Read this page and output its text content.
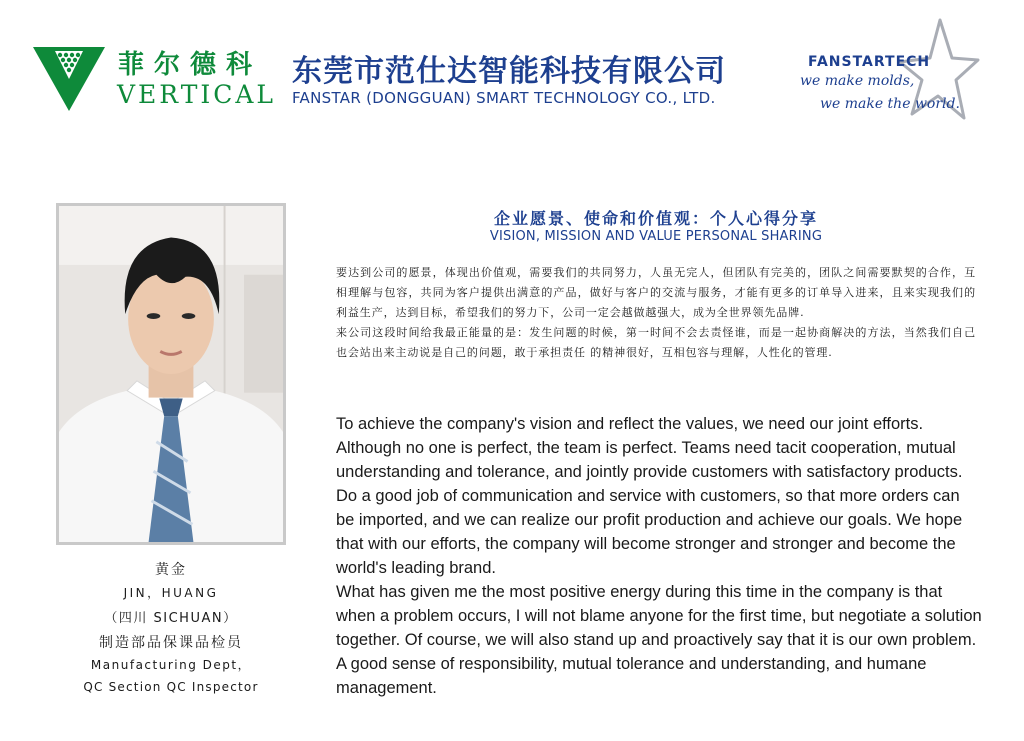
菲尔德科
VERTICAL
东莞市范仕达智能科技有限公司
FANSTAR (DONGGUAN) SMART TECHNOLOGY CO., LTD.
FANSTARTECH
we make molds,
we make the world.
黄金
JIN，HUANG
（四川 SICHUAN）
制造部品保课品检员
Manufacturing Dept，
QC Section QC Inspector
企业愿景、使命和价值观：个人心得分享
VISION, MISSION AND VALUE PERSONAL SHARING

要达到公司的愿景，体现出价值观，需要我们的共同努力，人虽无完人，但团队有完美的，团队之间需要默契的合作，互相理解与包容，共同为客户提供出满意的产品，做好与客户的交流与服务，才能有更多的订单导入进来，且来实现我们的利益生产，达到目标，希望我们的努力下，公司一定会越做越强大，成为全世界领先品牌.

来公司这段时间给我最正能量的是：发生问题的时候，第一时间不会去责怪谁，而是一起协商解决的方法，当然我们自己也会站出来主动说是自己的问题，敢于承担责任 的精神很好，互相包容与理解，人性化的管理.

To achieve the company's vision and reflect the values, we need our joint efforts. Although no one is perfect, the team is perfect. Teams need tacit cooperation, mutual understanding and tolerance, and jointly provide customers with satisfactory products. Do a good job of communication and service with customers, so that more orders can be imported, and we can realize our profit production and achieve our goals. We hope that with our efforts, the company will become stronger and stronger and become the world's leading brand.

What has given me the most positive energy during this time in the company is that when a problem occurs, I will not blame anyone for the first time, but negotiate a solution together. Of course, we will also stand up and proactively say that it is our own problem. A good sense of responsibility, mutual tolerance and understanding, and humane management.
